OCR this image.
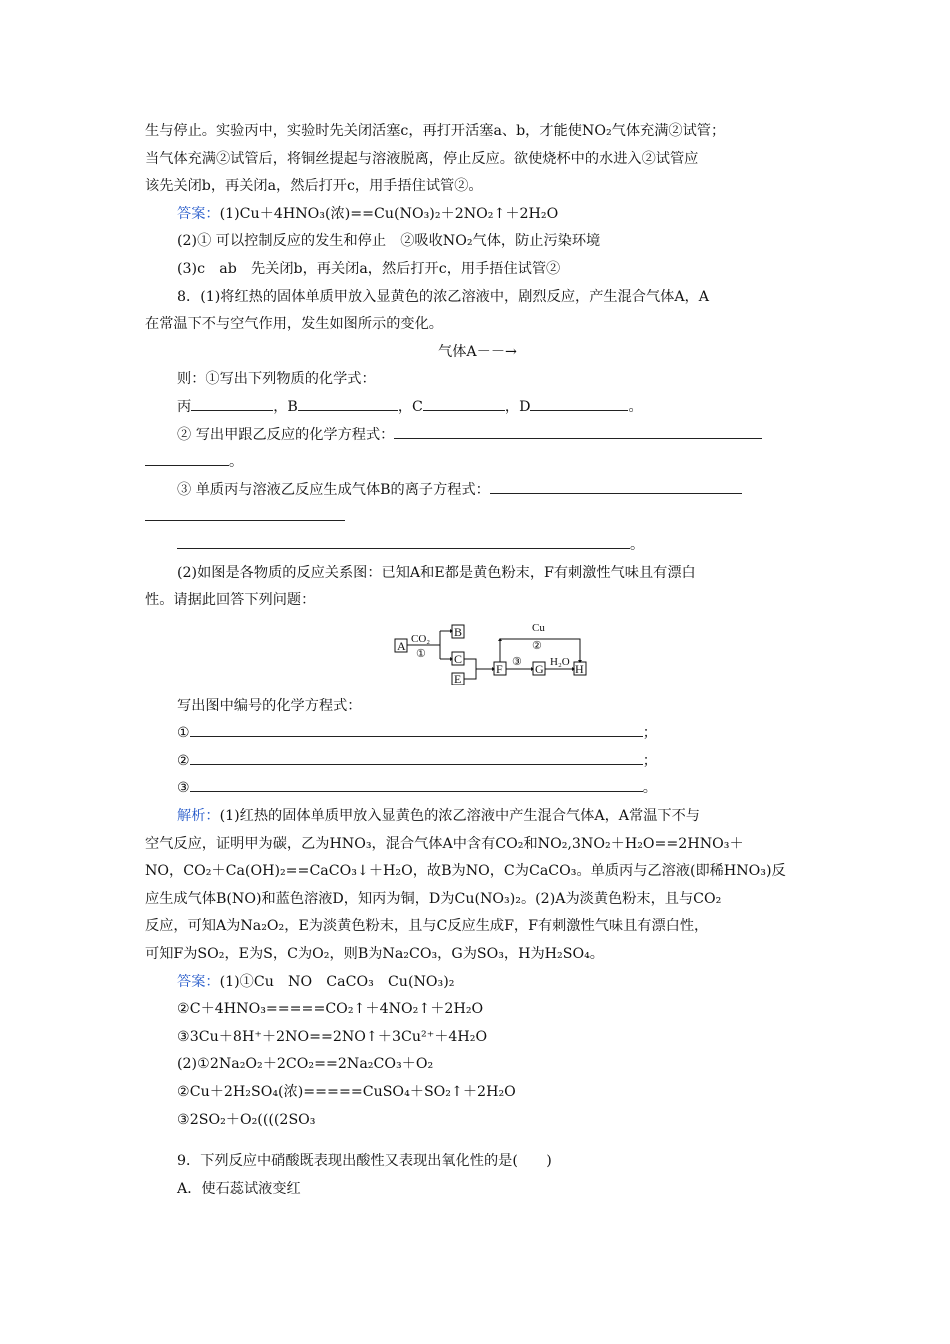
生与停止。实验丙中，实验时先关闭活塞c，再打开活塞a、b，才能使NO₂气体充满②试管；
当气体充满②试管后，将铜丝提起与溶液脱离，停止反应。欲使烧杯中的水进入②试管应
该先关闭b，再关闭a，然后打开c，用手捂住试管②。
答案：(1)Cu＋4HNO₃(浓)==Cu(NO₃)₂＋2NO₂↑＋2H₂O
(2)① 可以控制反应的发生和停止　②吸收NO₂气体，防止污染环境
(3)c　ab　先关闭b，再关闭a，然后打开c，用手捂住试管②
8．(1)将红热的固体单质甲放入显黄色的浓乙溶液中，剧烈反应，产生混合气体A，A
在常温下不与空气作用，发生如图所示的变化。
气体A－－→
则：①写出下列物质的化学式：
丙	，B	，C	，D	。
② 写出甲跟乙反应的化学方程式：
。
③ 单质丙与溶液乙反应生成气体B的离子方程式：
。
(2)如图是各物质的反应关系图：已知A和E都是黄色粉末，F有刺激性气味且有漂白
性。请据此回答下列问题：
A
B
C
E
F	G	H
CO₂
①
Cu
②
③	H₂O
写出图中编号的化学方程式：
①	；
②	；
③	。
解析：(1)红热的固体单质甲放入显黄色的浓乙溶液中产生混合气体A，A常温下不与
空气反应，证明甲为碳，乙为HNO₃，混合气体A中含有CO₂和NO₂,3NO₂＋H₂O==2HNO₃＋
NO，CO₂＋Ca(OH)₂==CaCO₃↓＋H₂O，故B为NO，C为CaCO₃。单质丙与乙溶液(即稀HNO₃)反
应生成气体B(NO)和蓝色溶液D，知丙为铜，D为Cu(NO₃)₂。(2)A为淡黄色粉末，且与CO₂
反应，可知A为Na₂O₂，E为淡黄色粉末，且与C反应生成F，F有刺激性气味且有漂白性，
可知F为SO₂，E为S，C为O₂，则B为Na₂CO₃，G为SO₃，H为H₂SO₄。
答案：(1)①Cu　NO　CaCO₃　Cu(NO₃)₂
②C＋4HNO₃=====CO₂↑＋4NO₂↑＋2H₂O
③3Cu＋8H⁺＋2NO==2NO↑＋3Cu²⁺＋4H₂O
(2)①2Na₂O₂＋2CO₂==2Na₂CO₃＋O₂
②Cu＋2H₂SO₄(浓)=====CuSO₄＋SO₂↑＋2H₂O
③2SO₂＋O₂((((2SO₃
9．下列反应中硝酸既表现出酸性又表现出氧化性的是(　　)
A．使石蕊试液变红
